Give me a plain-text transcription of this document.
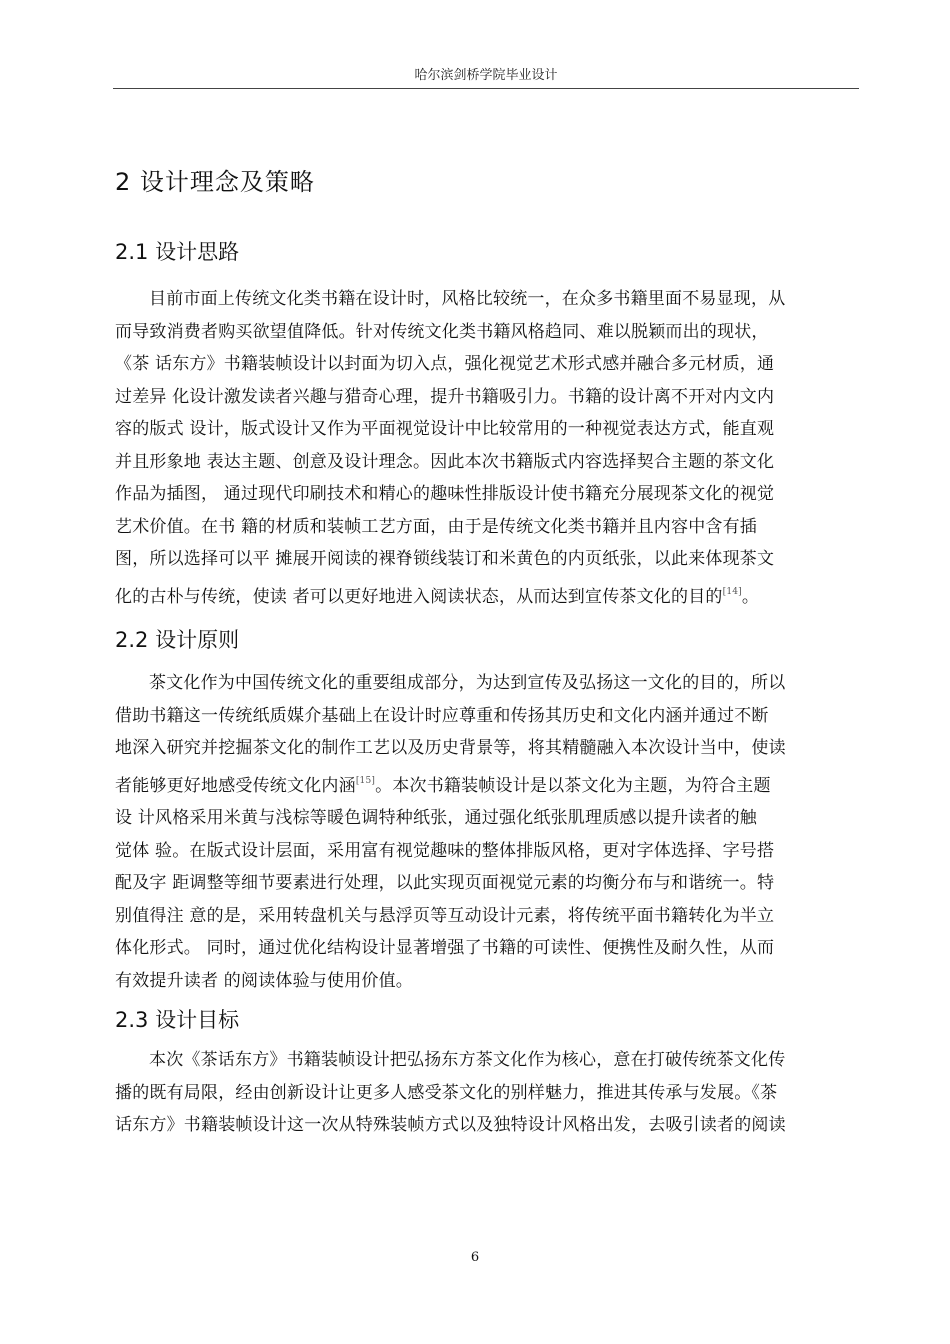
哈尔滨剑桥学院毕业设计
2 设计理念及策略
2.1 设计思路
目前市面上传统文化类书籍在设计时，风格比较统一，在众多书籍里面不易显现，从
而导致消费者购买欲望值降低。针对传统文化类书籍风格趋同、难以脱颖而出的现状，
《茶 话东方》书籍装帧设计以封面为切入点，强化视觉艺术形式感并融合多元材质，通
过差异 化设计激发读者兴趣与猎奇心理，提升书籍吸引力。书籍的设计离不开对内文内
容的版式 设计，版式设计又作为平面视觉设计中比较常用的一种视觉表达方式，能直观
并且形象地 表达主题、创意及设计理念。因此本次书籍版式内容选择契合主题的茶文化
作品为插图， 通过现代印刷技术和精心的趣味性排版设计使书籍充分展现茶文化的视觉
艺术价值。在书 籍的材质和装帧工艺方面，由于是传统文化类书籍并且内容中含有插
图，所以选择可以平 摊展开阅读的裸脊锁线装订和米黄色的内页纸张，以此来体现茶文
化的古朴与传统，使读 者可以更好地进入阅读状态，从而达到宣传茶文化的目的[14]。
2.2 设计原则
茶文化作为中国传统文化的重要组成部分，为达到宣传及弘扬这一文化的目的，所以
借助书籍这一传统纸质媒介基础上在设计时应尊重和传扬其历史和文化内涵并通过不断
地深入研究并挖掘茶文化的制作工艺以及历史背景等，将其精髓融入本次设计当中，使读
者能够更好地感受传统文化内涵[15]。本次书籍装帧设计是以茶文化为主题，为符合主题
设 计风格采用米黄与浅棕等暖色调特种纸张，通过强化纸张肌理质感以提升读者的触
觉体 验。在版式设计层面，采用富有视觉趣味的整体排版风格，更对字体选择、字号搭
配及字 距调整等细节要素进行处理，以此实现页面视觉元素的均衡分布与和谐统一。特
别值得注 意的是，采用转盘机关与悬浮页等互动设计元素，将传统平面书籍转化为半立
体化形式。 同时，通过优化结构设计显著增强了书籍的可读性、便携性及耐久性，从而
有效提升读者 的阅读体验与使用价值。
2.3 设计目标
本次《茶话东方》书籍装帧设计把弘扬东方茶文化作为核心，意在打破传统茶文化传
播的既有局限，经由创新设计让更多人感受茶文化的别样魅力，推进其传承与发展。《茶
话东方》书籍装帧设计这一次从特殊装帧方式以及独特设计风格出发，去吸引读者的阅读
6
